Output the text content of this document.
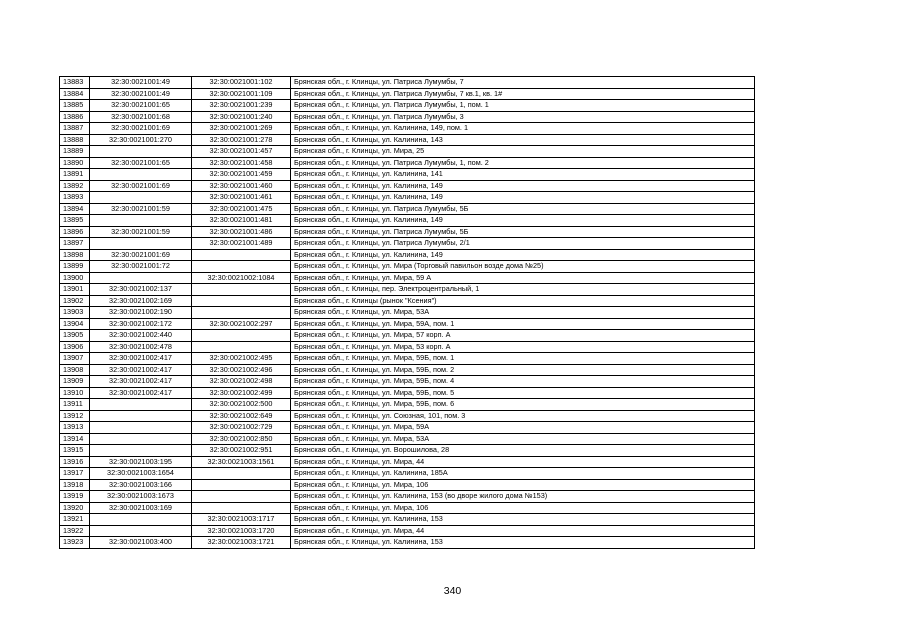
13883	32:30:0021001:49	32:30:0021001:102	Брянская обл., г. Клинцы, ул. Патриса Лумумбы, 7
13884	32:30:0021001:49	32:30:0021001:109	Брянская обл., г. Клинцы, ул. Патриса Лумумбы, 7 кв.1, кв. 1#
13885	32:30:0021001:65	32:30:0021001:239	Брянская обл., г. Клинцы, ул. Патриса Лумумбы, 1, пом. 1
13886	32:30:0021001:68	32:30:0021001:240	Брянская обл., г. Клинцы, ул. Патриса Лумумбы, 3
13887	32:30:0021001:69	32:30:0021001:269	Брянская обл., г. Клинцы, ул. Калинина, 149, пом. 1
13888	32:30:0021001:270	32:30:0021001:278	Брянская обл., г. Клинцы, ул. Калинина, 143
13889		32:30:0021001:457	Брянская обл., г. Клинцы, ул. Мира, 25
13890	32:30:0021001:65	32:30:0021001:458	Брянская обл., г. Клинцы, ул. Патриса Лумумбы, 1, пом. 2
13891		32:30:0021001:459	Брянская обл., г. Клинцы, ул. Калинина, 141
13892	32:30:0021001:69	32:30:0021001:460	Брянская обл., г. Клинцы, ул. Калинина, 149
13893		32:30:0021001:461	Брянская обл., г. Клинцы, ул. Калинина, 149
13894	32:30:0021001:59	32:30:0021001:475	Брянская обл., г. Клинцы, ул. Патриса Лумумбы, 5Б
13895		32:30:0021001:481	Брянская обл., г. Клинцы, ул. Калинина, 149
13896	32:30:0021001:59	32:30:0021001:486	Брянская обл., г. Клинцы, ул. Патриса Лумумбы, 5Б
13897		32:30:0021001:489	Брянская обл., г. Клинцы, ул. Патриса Лумумбы, 2/1
13898	32:30:0021001:69		Брянская обл., г. Клинцы, ул. Калинина, 149
13899	32:30:0021001:72		Брянская обл., г. Клинцы, ул. Мира (Торговый павильон возде дома №25)
13900		32:30:0021002:1084	Брянская обл., г. Клинцы, ул. Мира, 59 А
13901	32:30:0021002:137		Брянская обл., г. Клинцы, пер. Электроцентральный, 1
13902	32:30:0021002:169		Брянская обл., г. Клинцы (рынок "Ксения")
13903	32:30:0021002:190		Брянская обл., г. Клинцы, ул. Мира, 53А
13904	32:30:0021002:172	32:30:0021002:297	Брянская обл., г. Клинцы, ул. Мира, 59А, пом. 1
13905	32:30:0021002:440		Брянская обл., г. Клинцы, ул. Мира, 57 корп. А
13906	32:30:0021002:478		Брянская обл., г. Клинцы, ул. Мира, 53 корп. А
13907	32:30:0021002:417	32:30:0021002:495	Брянская обл., г. Клинцы, ул. Мира, 59Б, пом. 1
13908	32:30:0021002:417	32:30:0021002:496	Брянская обл., г. Клинцы, ул. Мира, 59Б, пом. 2
13909	32:30:0021002:417	32:30:0021002:498	Брянская обл., г. Клинцы, ул. Мира, 59Б, пом. 4
13910	32:30:0021002:417	32:30:0021002:499	Брянская обл., г. Клинцы, ул. Мира, 59Б, пом. 5
13911		32:30:0021002:500	Брянская обл., г. Клинцы, ул. Мира, 59Б, пом. 6
13912		32:30:0021002:649	Брянская обл., г. Клинцы, ул. Союзная, 101, пом. 3
13913		32:30:0021002:729	Брянская обл., г. Клинцы, ул. Мира, 59А
13914		32:30:0021002:850	Брянская обл., г. Клинцы, ул. Мира, 53А
13915		32:30:0021002:951	Брянская обл., г. Клинцы, ул. Ворошилова, 28
13916	32:30:0021003:195	32:30:0021003:1561	Брянская обл., г. Клинцы, ул. Мира, 44
13917	32:30:0021003:1654		Брянская обл., г. Клинцы, ул. Калинина, 185А
13918	32:30:0021003:166		Брянская обл., г. Клинцы, ул. Мира, 106
13919	32:30:0021003:1673		Брянская обл., г. Клинцы, ул. Калинина, 153 (во дворе жилого дома №153)
13920	32:30:0021003:169		Брянская обл., г. Клинцы, ул. Мира, 106
13921		32:30:0021003:1717	Брянская обл., г. Клинцы, ул. Калинина, 153
13922		32:30:0021003:1720	Брянская обл., г. Клинцы, ул. Мира, 44
13923	32:30:0021003:400	32:30:0021003:1721	Брянская обл., г. Клинцы, ул. Калинина, 153
340
